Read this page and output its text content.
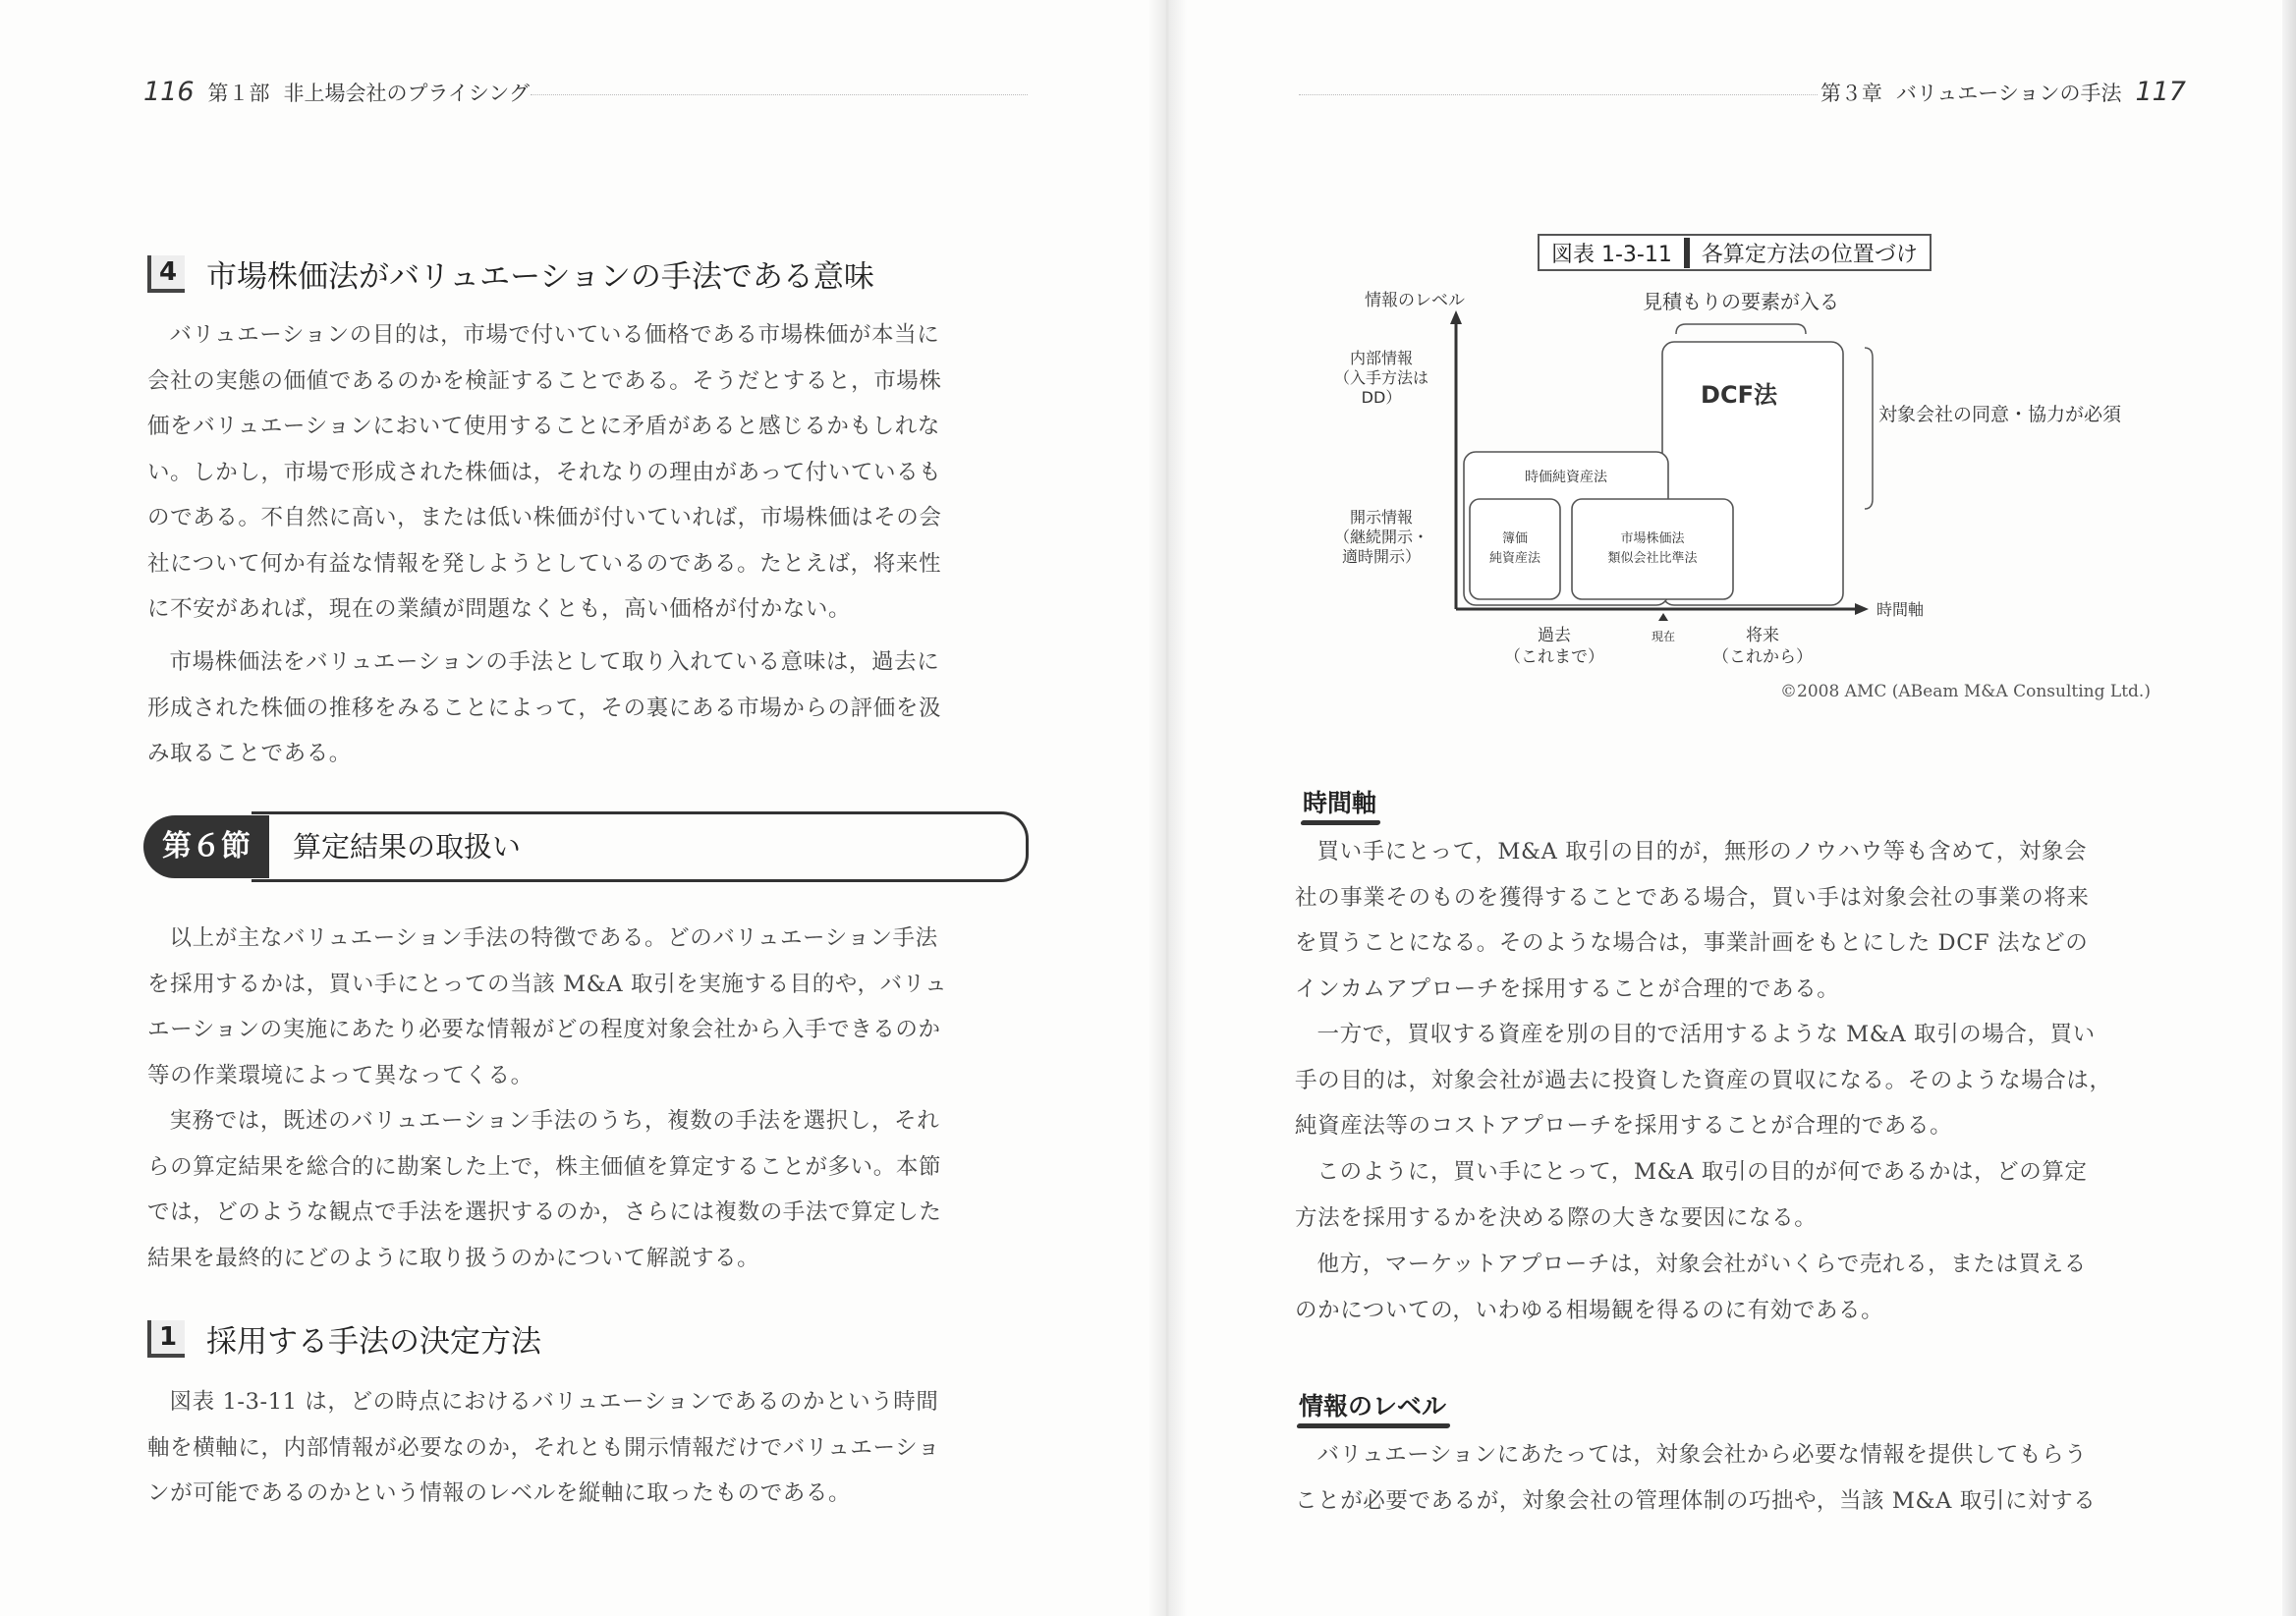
116 第１部 非上場会社のプライシング
4 市場株価法がバリュエーションの手法である意味
バリュエーションの目的は，市場で付いている価格である市場株価が本当に
会社の実態の価値であるのかを検証することである。そうだとすると，市場株
価をバリュエーションにおいて使用することに矛盾があると感じるかもしれな
い。しかし，市場で形成された株価は，それなりの理由があって付いているも
のである。不自然に高い，または低い株価が付いていれば，市場株価はその会
社について何か有益な情報を発しようとしているのである。たとえば，将来性
に不安があれば，現在の業績が問題なくとも，高い価格が付かない。
市場株価法をバリュエーションの手法として取り入れている意味は，過去に
形成された株価の推移をみることによって，その裏にある市場からの評価を汲
み取ることである。
第６節	算定結果の取扱い
以上が主なバリュエーション手法の特徴である。どのバリュエーション手法
を採用するかは，買い手にとっての当該 M&A 取引を実施する目的や，バリュ
エーションの実施にあたり必要な情報がどの程度対象会社から入手できるのか
等の作業環境によって異なってくる。
実務では，既述のバリュエーション手法のうち，複数の手法を選択し，それ
らの算定結果を総合的に勘案した上で，株主価値を算定することが多い。本節
では，どのような観点で手法を選択するのか，さらには複数の手法で算定した
結果を最終的にどのように取り扱うのかについて解説する。
1 採用する手法の決定方法
図表 1-3-11 は，どの時点におけるバリュエーションであるのかという時間
軸を横軸に，内部情報が必要なのか，それとも開示情報だけでバリュエーショ
ンが可能であるのかという情報のレベルを縦軸に取ったものである。
第３章 バリュエーションの手法 117
図表 1-3-11	各算定方法の位置づけ
情報のレベル
時間軸
見積もりの要素が入る
内部情報
（入手方法は
DD）
開示情報
（継続開示・
適時開示）
DCF法
時価純資産法
簿価
純資産法
市場株価法
類似会社比準法
対象会社の同意・協力が必須
過去
（これまで）
現在	将来
（これから）
©2008 AMC (ABeam M&A Consulting Ltd.)
時間軸
買い手にとって，M&A 取引の目的が，無形のノウハウ等も含めて，対象会
社の事業そのものを獲得することである場合，買い手は対象会社の事業の将来
を買うことになる。そのような場合は，事業計画をもとにした DCF 法などの
インカムアプローチを採用することが合理的である。
一方で，買収する資産を別の目的で活用するような M&A 取引の場合，買い
手の目的は，対象会社が過去に投資した資産の買収になる。そのような場合は，
純資産法等のコストアプローチを採用することが合理的である。
このように，買い手にとって，M&A 取引の目的が何であるかは，どの算定
方法を採用するかを決める際の大きな要因になる。
他方，マーケットアプローチは，対象会社がいくらで売れる，または買える
のかについての，いわゆる相場観を得るのに有効である。
情報のレベル
バリュエーションにあたっては，対象会社から必要な情報を提供してもらう
ことが必要であるが，対象会社の管理体制の巧拙や，当該 M&A 取引に対する
